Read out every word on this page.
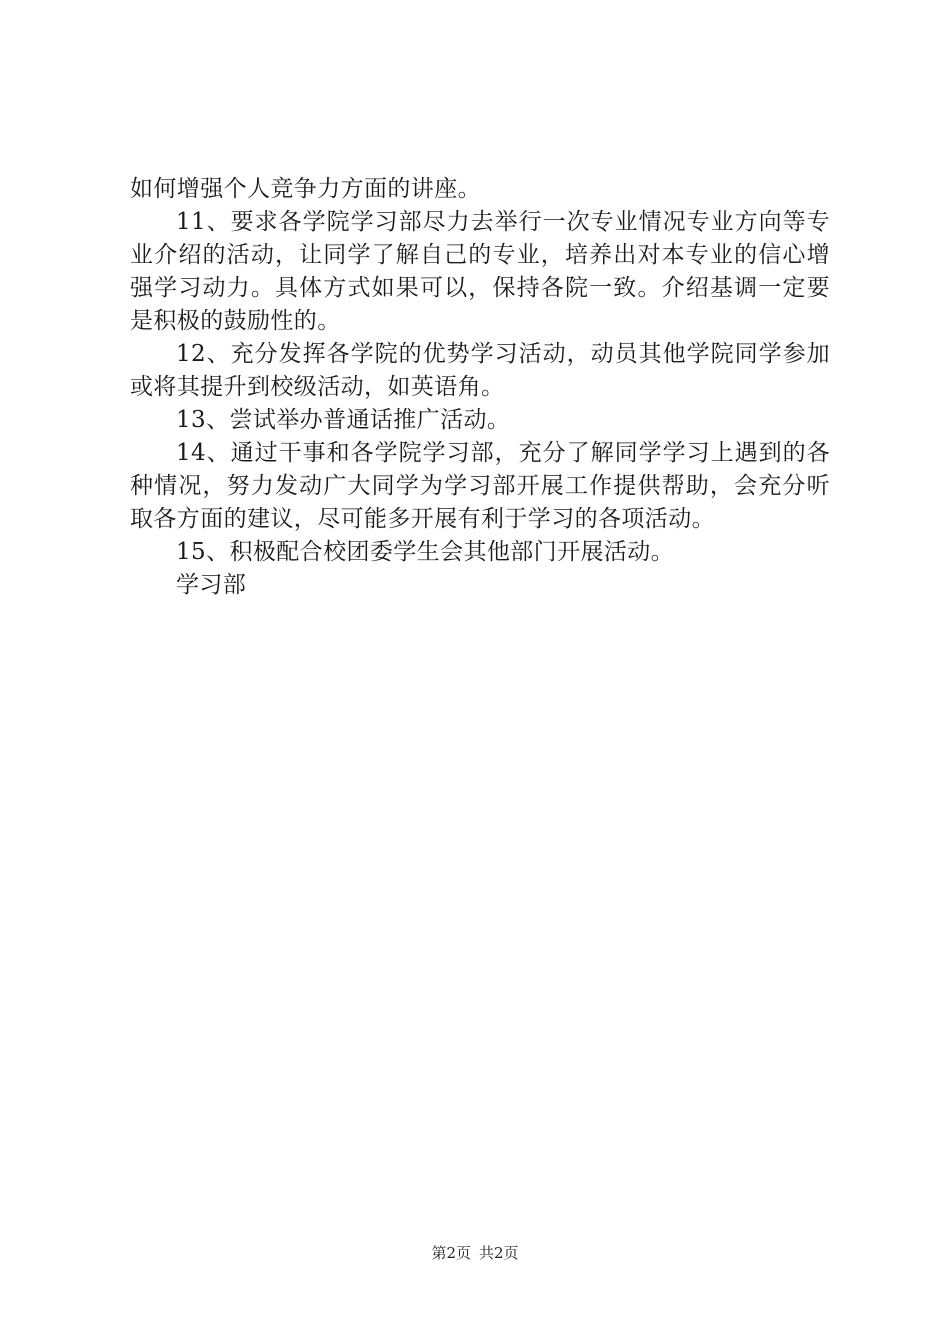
如何增强个人竞争力方面的讲座。

11、要求各学院学习部尽力去举行一次专业情况专业方向等专业介绍的活动，让同学了解自己的专业，培养出对本专业的信心增强学习动力。具体方式如果可以，保持各院一致。介绍基调一定要是积极的鼓励性的。

12、充分发挥各学院的优势学习活动，动员其他学院同学参加或将其提升到校级活动，如英语角。

13、尝试举办普通话推广活动。

14、通过干事和各学院学习部，充分了解同学学习上遇到的各种情况，努力发动广大同学为学习部开展工作提供帮助，会充分听取各方面的建议，尽可能多开展有利于学习的各项活动。

15、积极配合校团委学生会其他部门开展活动。

学习部

第2页 共2页
